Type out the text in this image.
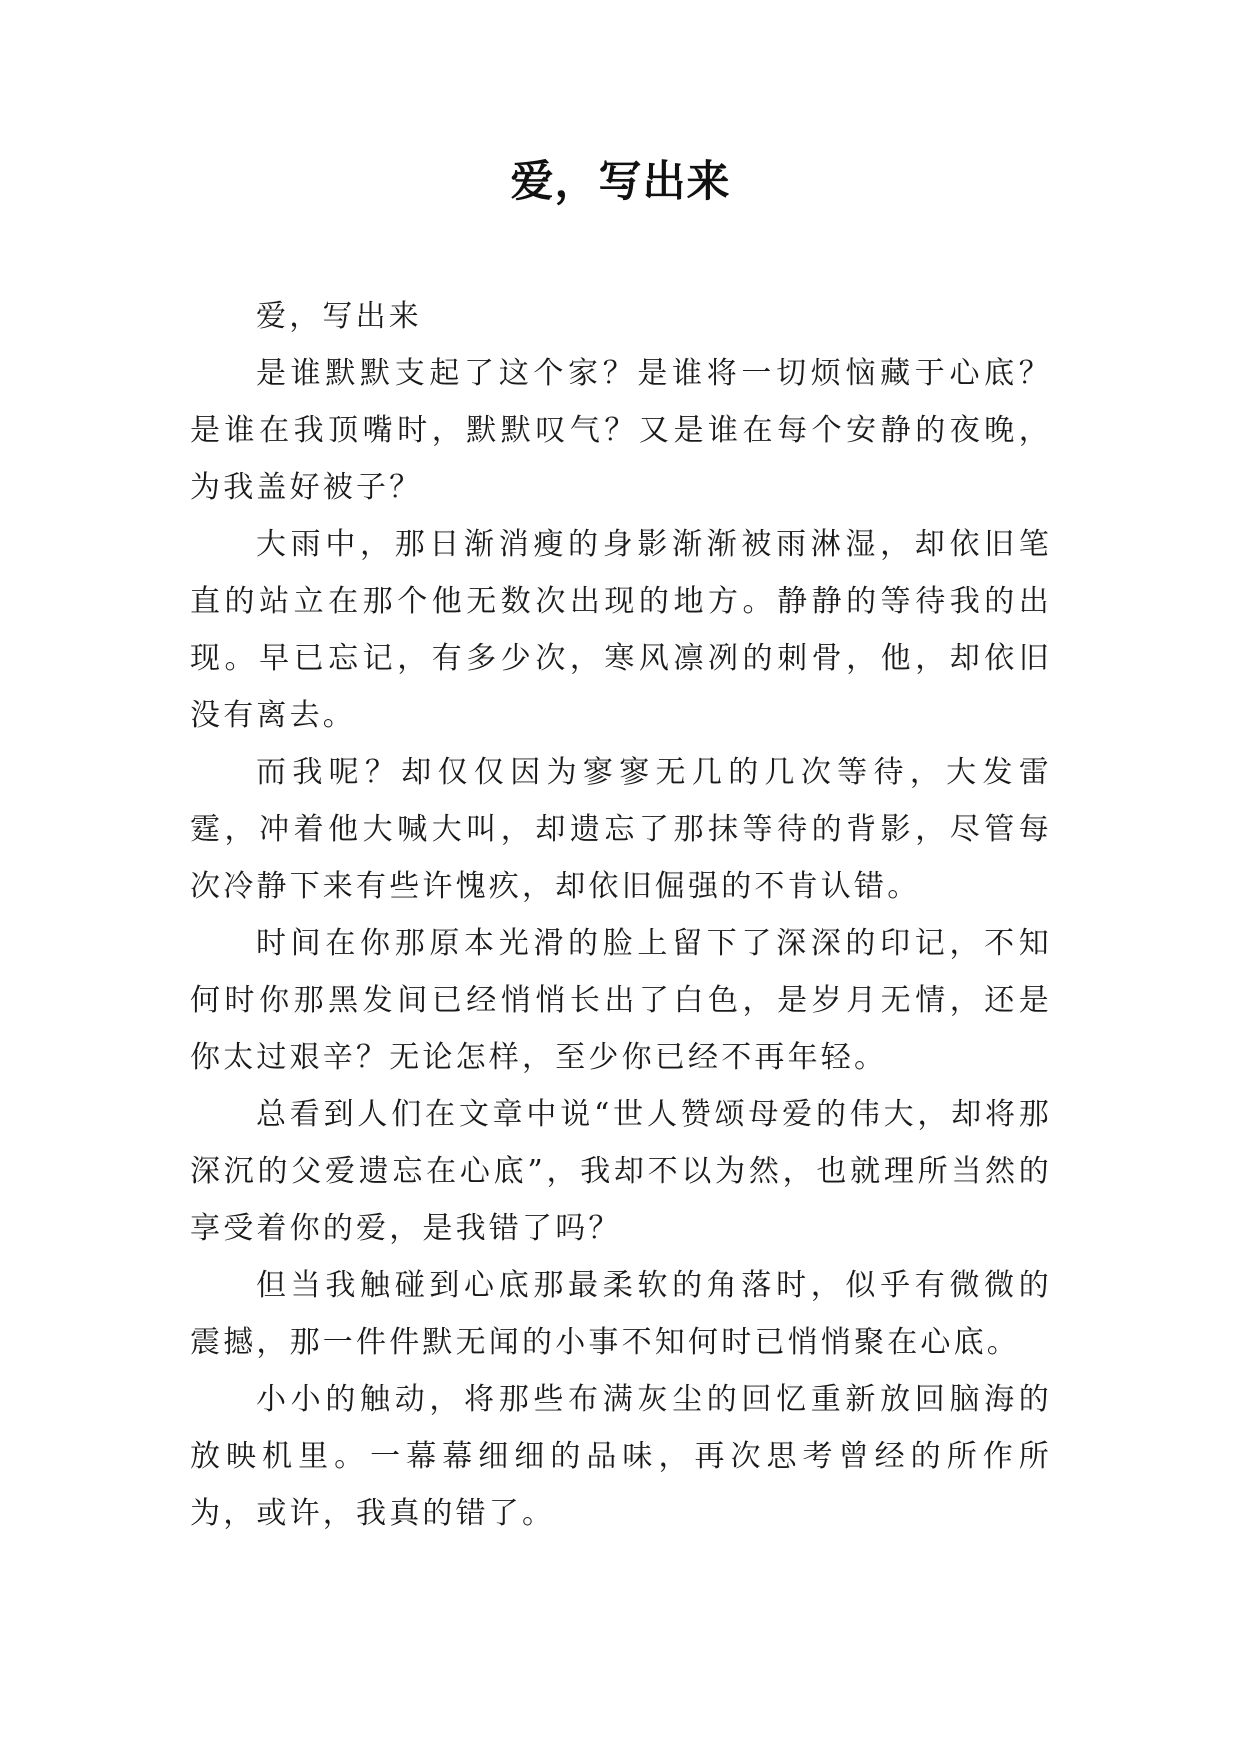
爱，写出来

爱，写出来

是谁默默支起了这个家？是谁将一切烦恼藏于心底？是谁在我顶嘴时，默默叹气？又是谁在每个安静的夜晚，为我盖好被子？

大雨中，那日渐消瘦的身影渐渐被雨淋湿，却依旧笔直的站立在那个他无数次出现的地方。静静的等待我的出现。早已忘记，有多少次，寒风凛冽的刺骨，他，却依旧没有离去。

而我呢？却仅仅因为寥寥无几的几次等待，大发雷霆，冲着他大喊大叫，却遗忘了那抹等待的背影，尽管每次冷静下来有些许愧疚，却依旧倔强的不肯认错。

时间在你那原本光滑的脸上留下了深深的印记，不知何时你那黑发间已经悄悄长出了白色，是岁月无情，还是你太过艰辛？无论怎样，至少你已经不再年轻。

总看到人们在文章中说“世人赞颂母爱的伟大，却将那深沉的父爱遗忘在心底”，我却不以为然，也就理所当然的享受着你的爱，是我错了吗？

但当我触碰到心底那最柔软的角落时，似乎有微微的震撼，那一件件默无闻的小事不知何时已悄悄聚在心底。

小小的触动，将那些布满灰尘的回忆重新放回脑海的放映机里。一幕幕细细的品味，再次思考曾经的所作所为，或许，我真的错了。
